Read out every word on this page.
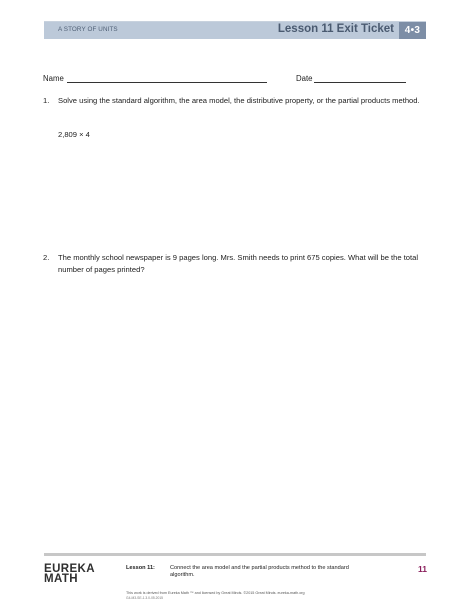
A STORY OF UNITS	Lesson 11 Exit Ticket	4•3
Name	Date
1. Solve using the standard algorithm, the area model, the distributive property, or the partial products method.
2,809 × 4
2. The monthly school newspaper is 9 pages long. Mrs. Smith needs to print 675 copies. What will be the total number of pages printed?
EUREKA
MATH
Lesson 11:	Connect the area model and the partial products method to the standard algorithm.
11
This work is derived from Eureka Math ™ and licensed by Great Minds. ©2015 Great Minds. eureka-math.org
G4-M3-SE-1.3.0-05.2015
